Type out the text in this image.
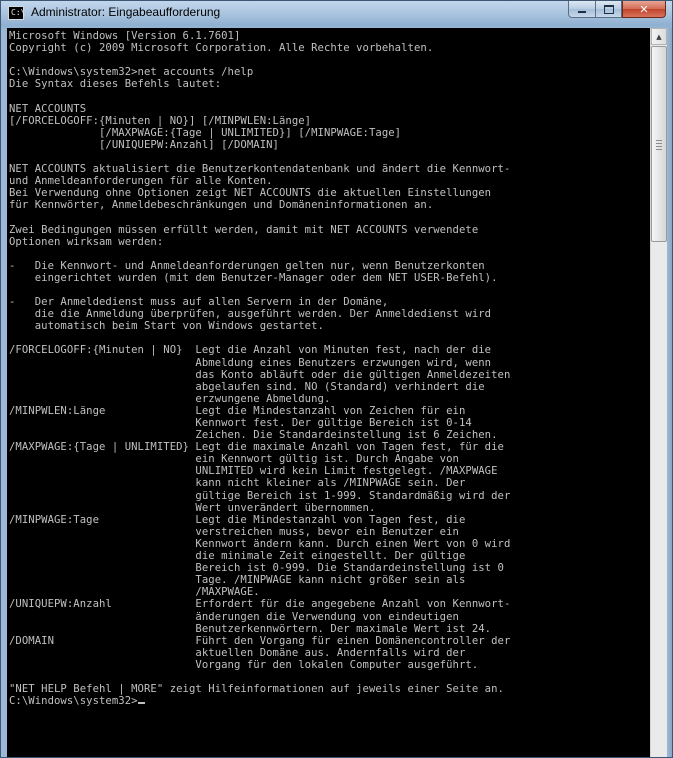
C:\ Administrator: Eingabeaufforderung	✕
Microsoft Windows [Version 6.1.7601]
Copyright (c) 2009 Microsoft Corporation. Alle Rechte vorbehalten.

C:\Windows\system32>net accounts /help
Die Syntax dieses Befehls lautet:

NET ACCOUNTS
[/FORCELOGOFF:{Minuten | NO}] [/MINPWLEN:Länge]
[/MAXPWAGE:{Tage | UNLIMITED}] [/MINPWAGE:Tage]
[/UNIQUEPW:Anzahl] [/DOMAIN]

NET ACCOUNTS aktualisiert die Benutzerkontendatenbank und ändert die Kennwort-
und Anmeldeanforderungen für alle Konten.
Bei Verwendung ohne Optionen zeigt NET ACCOUNTS die aktuellen Einstellungen
für Kennwörter, Anmeldebeschränkungen und Domäneninformationen an.

Zwei Bedingungen müssen erfüllt werden, damit mit NET ACCOUNTS verwendete
Optionen wirksam werden:

-   Die Kennwort- und Anmeldeanforderungen gelten nur, wenn Benutzerkonten
eingerichtet wurden (mit dem Benutzer-Manager oder dem NET USER-Befehl).

-   Der Anmeldedienst muss auf allen Servern in der Domäne,
die die Anmeldung überprüfen, ausgeführt werden. Der Anmeldedienst wird
automatisch beim Start von Windows gestartet.

/FORCELOGOFF:{Minuten | NO}  Legt die Anzahl von Minuten fest, nach der die
Abmeldung eines Benutzers erzwungen wird, wenn
das Konto abläuft oder die gültigen Anmeldezeiten
abgelaufen sind. NO (Standard) verhindert die
erzwungene Abmeldung.
/MINPWLEN:Länge              Legt die Mindestanzahl von Zeichen für ein
Kennwort fest. Der gültige Bereich ist 0-14
Zeichen. Die Standardeinstellung ist 6 Zeichen.
/MAXPWAGE:{Tage | UNLIMITED} Legt die maximale Anzahl von Tagen fest, für die
ein Kennwort gültig ist. Durch Angabe von
UNLIMITED wird kein Limit festgelegt. /MAXPWAGE
kann nicht kleiner als /MINPWAGE sein. Der
gültige Bereich ist 1-999. Standardmäßig wird der
Wert unverändert übernommen.
/MINPWAGE:Tage               Legt die Mindestanzahl von Tagen fest, die
verstreichen muss, bevor ein Benutzer ein
Kennwort ändern kann. Durch einen Wert von 0 wird
die minimale Zeit eingestellt. Der gültige
Bereich ist 0-999. Die Standardeinstellung ist 0
Tage. /MINPWAGE kann nicht größer sein als
/MAXPWAGE.
/UNIQUEPW:Anzahl             Erfordert für die angegebene Anzahl von Kennwort-
änderungen die Verwendung von eindeutigen
Benutzerkennwörtern. Der maximale Wert ist 24.
/DOMAIN                      Führt den Vorgang für einen Domänencontroller der
aktuellen Domäne aus. Andernfalls wird der
Vorgang für den lokalen Computer ausgeführt.

"NET HELP Befehl | MORE" zeigt Hilfeinformationen auf jeweils einer Seite an.
C:\Windows\system32>
▲
